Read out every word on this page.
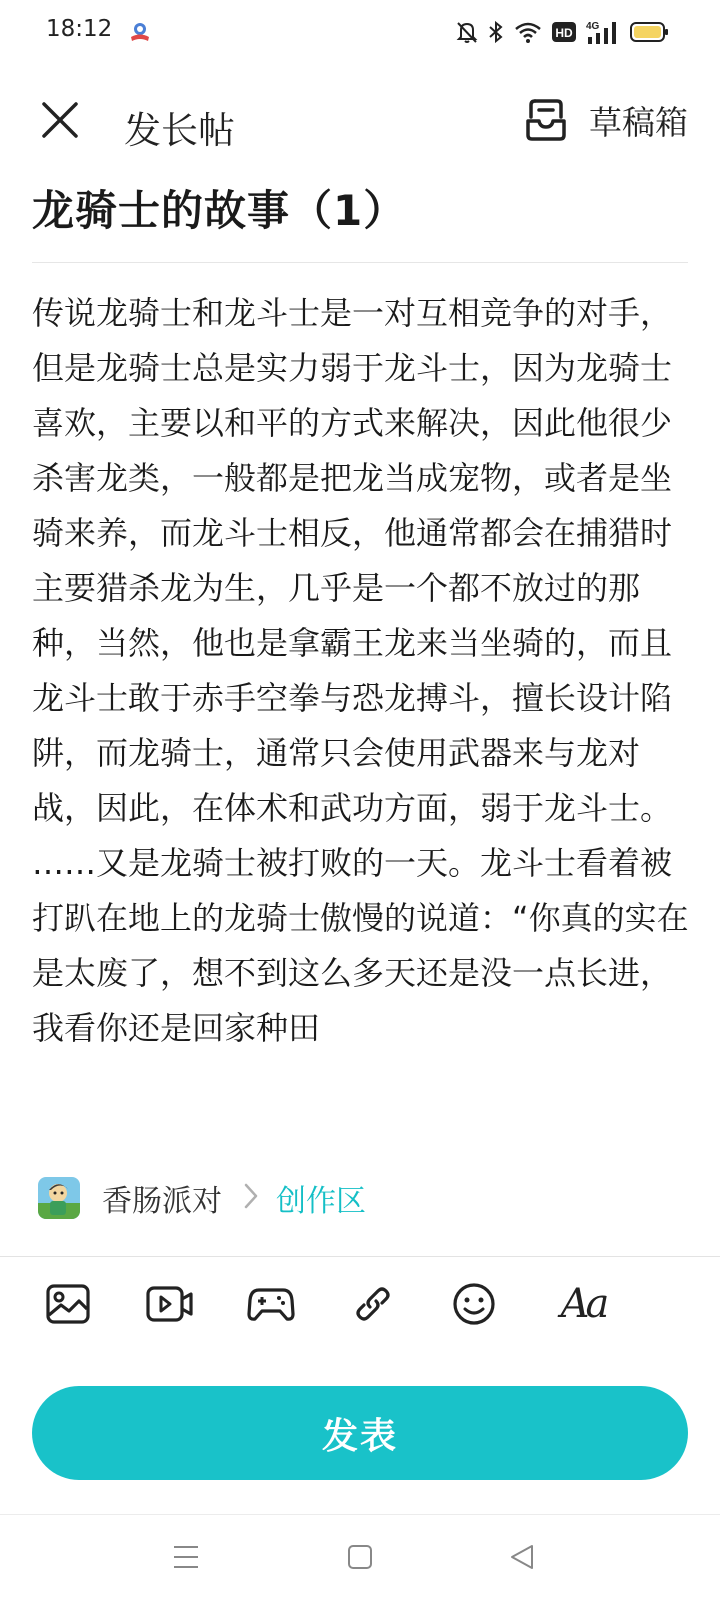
18:12	HD 4G
发长帖	草稿箱
龙骑士的故事（1）
传说龙骑士和龙斗士是一对互相竞争的对手，但是龙骑士总是实力弱于龙斗士，因为龙骑士喜欢，主要以和平的方式来解决，因此他很少杀害龙类，一般都是把龙当成宠物，或者是坐骑来养，而龙斗士相反，他通常都会在捕猎时主要猎杀龙为生，几乎是一个都不放过的那种，当然，他也是拿霸王龙来当坐骑的，而且龙斗士敢于赤手空拳与恐龙搏斗，擅长设计陷阱，而龙骑士，通常只会使用武器来与龙对战，因此，在体术和武功方面，弱于龙斗士。
……又是龙骑士被打败的一天。龙斗士看着被打趴在地上的龙骑士傲慢的说道：“你真的实在是太废了，想不到这么多天还是没一点长进，我看你还是回家种田
香肠派对 创作区
Aa
发表
